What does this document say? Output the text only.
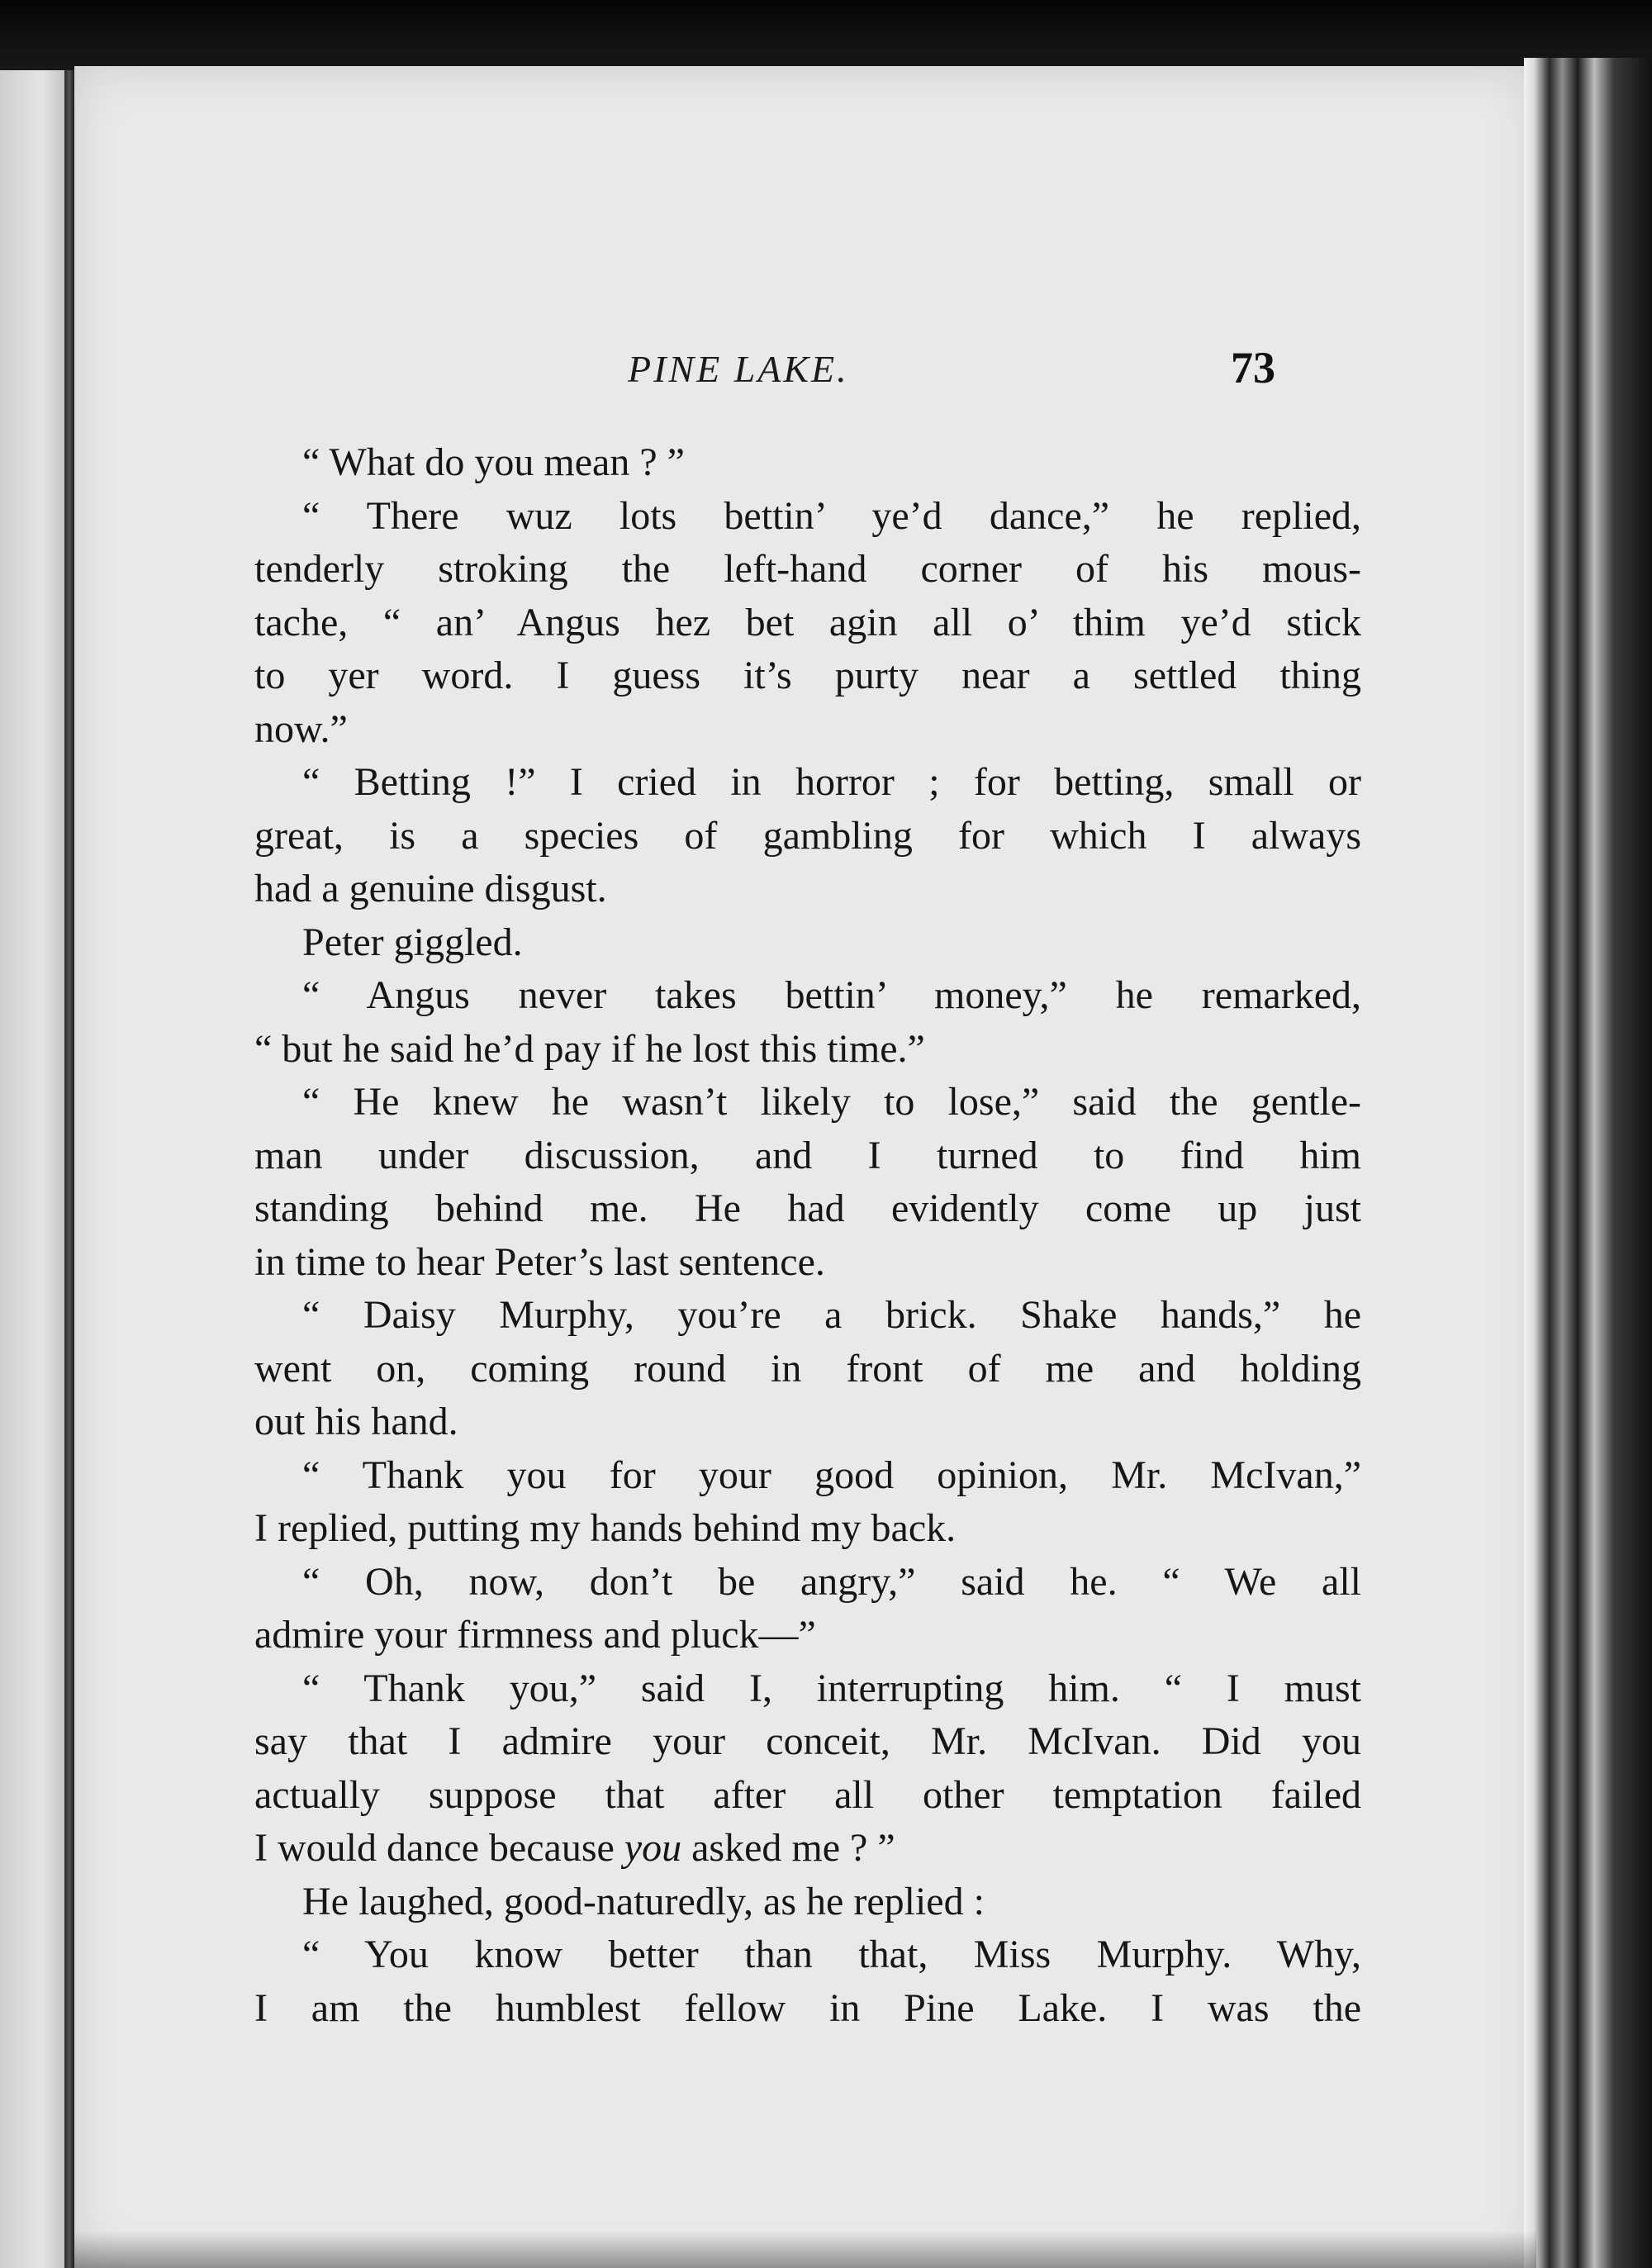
PINE LAKE.	73
“ What do you mean ? ”
“ There wuz lots bettin’ ye’d dance,” he replied,
tenderly stroking the left-hand corner of his mous-
tache, “ an’ Angus hez bet agin all o’ thim ye’d stick
to yer word. I guess it’s purty near a settled thing
now.”
“ Betting !” I cried in horror ; for betting, small or
great, is a species of gambling for which I always
had a genuine disgust.
Peter giggled.
“ Angus never takes bettin’ money,” he remarked,
“ but he said he’d pay if he lost this time.”
“ He knew he wasn’t likely to lose,” said the gentle-
man under discussion, and I turned to find him
standing behind me. He had evidently come up just
in time to hear Peter’s last sentence.
“ Daisy Murphy, you’re a brick. Shake hands,” he
went on, coming round in front of me and holding
out his hand.
“ Thank you for your good opinion, Mr. McIvan,”
I replied, putting my hands behind my back.
“ Oh, now, don’t be angry,” said he. “ We all
admire your firmness and pluck—”
“ Thank you,” said I, interrupting him. “ I must
say that I admire your conceit, Mr. McIvan. Did you
actually suppose that after all other temptation failed
I would dance because you asked me ? ”
He laughed, good-naturedly, as he replied :
“ You know better than that, Miss Murphy. Why,
I am the humblest fellow in Pine Lake. I was the
